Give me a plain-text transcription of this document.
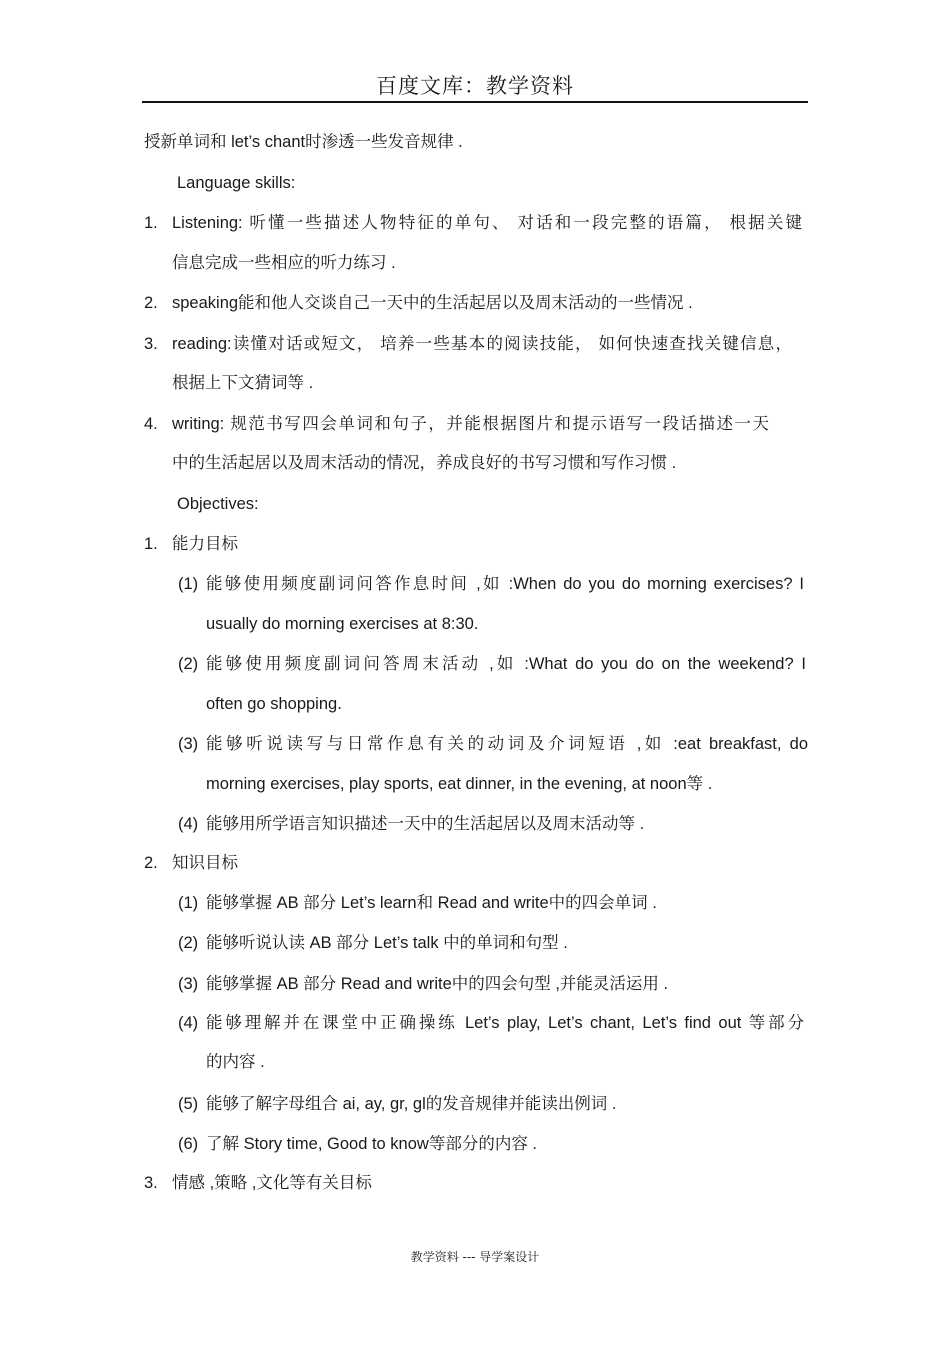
百度文库：教学资料
授新单词和 let’s chant时渗透一些发音规律 .
Language skills:
1. Listening: 听懂一些描述人物特征的单句、 对话和一段完整的语篇， 根据关键
信息完成一些相应的听力练习 .
2. speaking能和他人交谈自己一天中的生活起居以及周末活动的一些情况 .
3. reading:读懂对话或短文， 培养一些基本的阅读技能， 如何快速查找关键信息，
根据上下文猜词等 .
4. writing: 规范书写四会单词和句子，并能根据图片和提示语写一段话描述一天
中的生活起居以及周末活动的情况，养成良好的书写习惯和写作习惯 .
Objectives:
1. 能力目标
(1) 能够使用频度副词问答作息时间 ,如 :When do you do morning exercises? I
usually do morning exercises at 8:30.
(2) 能够使用频度副词问答周末活动 ,如 :What do you do on the weekend? I
often go shopping.
(3) 能够听说读写与日常作息有关的动词及介词短语 ,如 :eat breakfast, do
morning exercises, play sports, eat dinner, in the evening, at noon等 .
(4) 能够用所学语言知识描述一天中的生活起居以及周末活动等 .
2. 知识目标
(1) 能够掌握 AB 部分 Let’s learn和 Read and write中的四会单词 .
(2) 能够听说认读 AB 部分 Let’s talk 中的单词和句型 .
(3) 能够掌握 AB 部分 Read and write中的四会句型 ,并能灵活运用 .
(4) 能够理解并在课堂中正确操练 Let’s play, Let’s chant, Let’s find out 等部分
的内容 .
(5) 能够了解字母组合 ai, ay, gr, gl的发音规律并能读出例词 .
(6) 了解 Story time, Good to know等部分的内容 .
3. 情感 ,策略 ,文化等有关目标
教学资料 --- 导学案设计
